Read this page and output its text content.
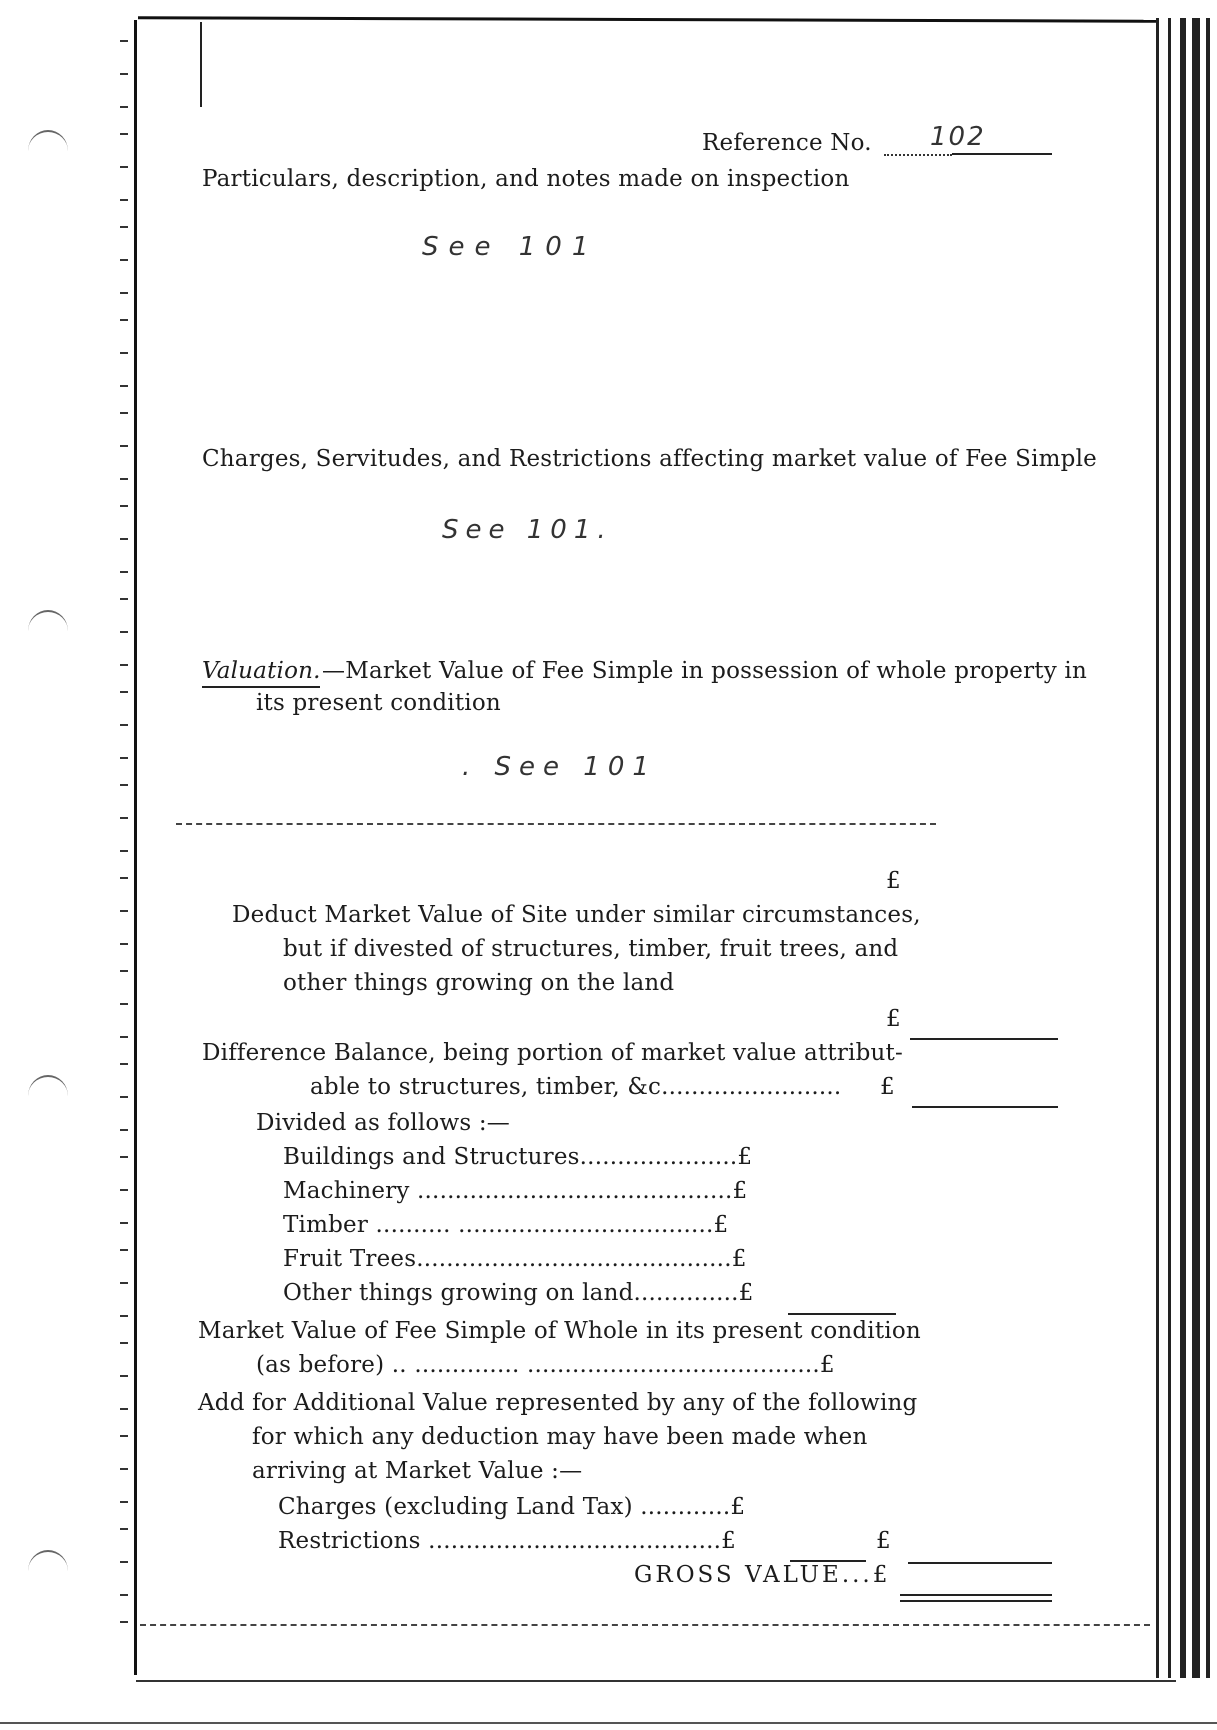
Reference No. 102
Particulars, description, and notes made on inspection
See 101
Charges, Servitudes, and Restrictions affecting market value of Fee Simple
See 101.
Valuation. —Market Value of Fee Simple in possession of whole property in
its present condition
. See 101
£
Deduct Market Value of Site under similar circumstances,
but if divested of structures, timber, fruit trees, and
other things growing on the land
£
Difference Balance, being portion of market value attribut-
able to structures, timber, &c........................ £
Divided as follows :—
Buildings and Structures.....................£
Machinery ..........................................£
Timber .......... ..................................£
Fruit Trees..........................................£
Other things growing on land..............£
Market Value of Fee Simple of Whole in its present condition
(as before) .. .............. .......................................£
Add for Additional Value represented by any of the following
for which any deduction may have been made when
arriving at Market Value :—
Charges (excluding Land Tax) ............£
Restrictions .......................................£	£
GROSS VALUE...£
